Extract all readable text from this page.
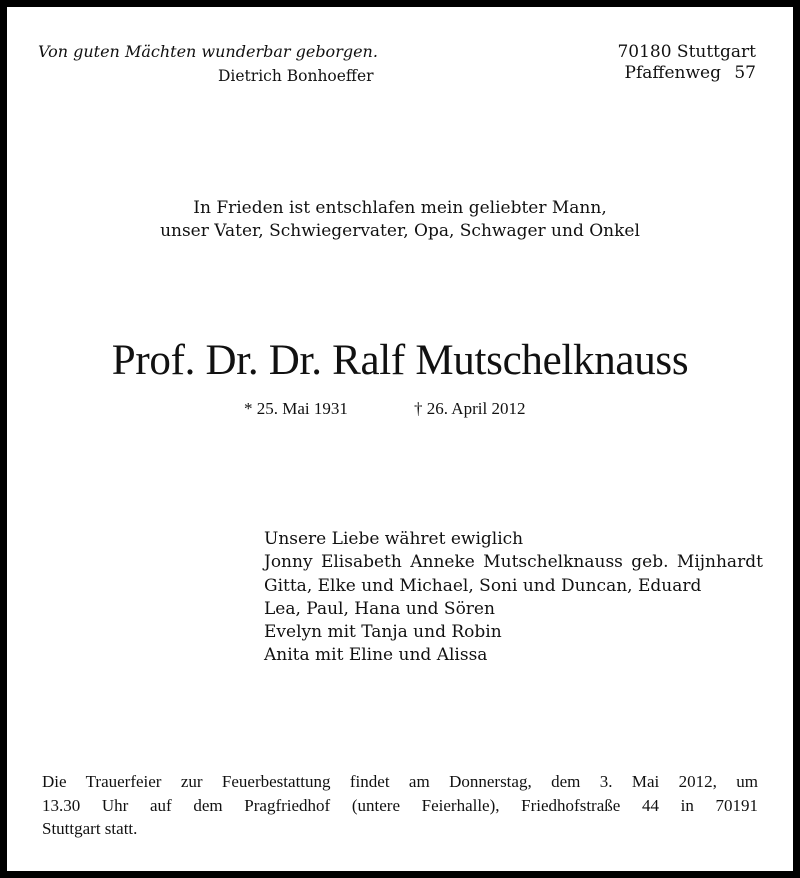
Von guten Mächten wunderbar geborgen.
Dietrich Bonhoeffer
70180 Stuttgart
Pfaffenweg 57
In Frieden ist entschlafen mein geliebter Mann,
unser Vater, Schwiegervater, Opa, Schwager und Onkel
Prof. Dr. Dr. Ralf Mutschelknauss
* 25. Mai 1931	† 26. April 2012
Unsere Liebe währet ewiglich
Jonny Elisabeth Anneke Mutschelknauss geb. Mijnhardt
Gitta, Elke und Michael, Soni und Duncan, Eduard
Lea, Paul, Hana und Sören
Evelyn mit Tanja und Robin
Anita mit Eline und Alissa
Die Trauerfeier zur Feuerbestattung findet am Donnerstag, dem 3. Mai 2012, um
13.30 Uhr auf dem Pragfriedhof (untere Feierhalle), Friedhofstraße 44 in 70191
Stuttgart statt.
